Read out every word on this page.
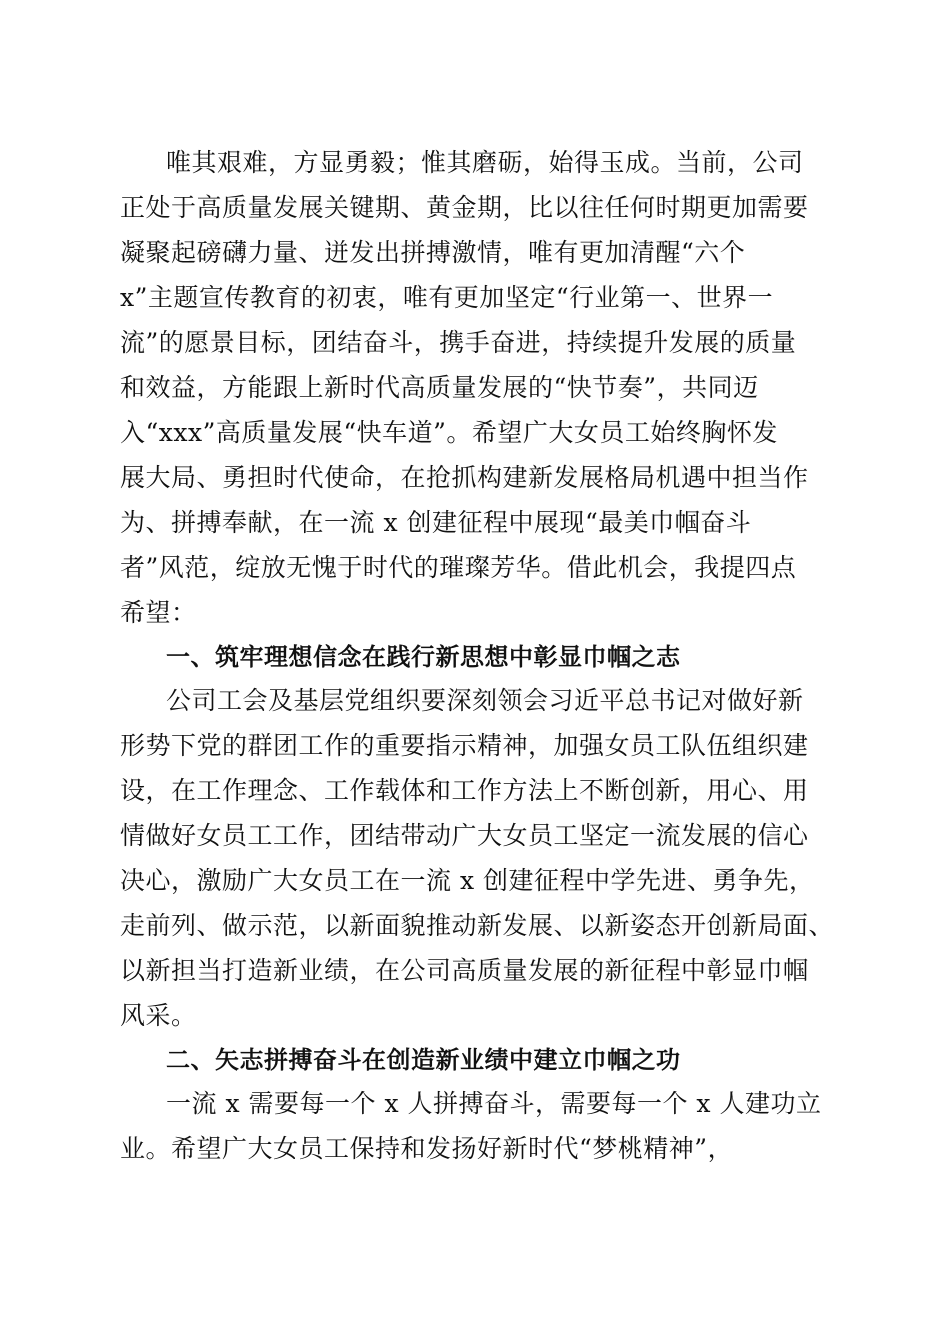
唯其艰难，方显勇毅；惟其磨砺，始得玉成。当前，公司
正处于高质量发展关键期、黄金期，比以往任何时期更加需要
凝聚起磅礴力量、迸发出拼搏激情，唯有更加清醒“六个
x”主题宣传教育的初衷，唯有更加坚定“行业第一、世界一
流”的愿景目标，团结奋斗，携手奋进，持续提升发展的质量
和效益，方能跟上新时代高质量发展的“快节奏”，共同迈
入“xxx”高质量发展“快车道”。希望广大女员工始终胸怀发
展大局、勇担时代使命，在抢抓构建新发展格局机遇中担当作
为、拼搏奉献，在一流 x 创建征程中展现“最美巾帼奋斗
者”风范，绽放无愧于时代的璀璨芳华。借此机会，我提四点
希望：
一、筑牢理想信念在践行新思想中彰显巾帼之志
公司工会及基层党组织要深刻领会习近平总书记对做好新
形势下党的群团工作的重要指示精神，加强女员工队伍组织建
设，在工作理念、工作载体和工作方法上不断创新，用心、用
情做好女员工工作，团结带动广大女员工坚定一流发展的信心
决心，激励广大女员工在一流 x 创建征程中学先进、勇争先，
走前列、做示范，以新面貌推动新发展、以新姿态开创新局面、
以新担当打造新业绩，在公司高质量发展的新征程中彰显巾帼
风采。
二、矢志拼搏奋斗在创造新业绩中建立巾帼之功
一流 x 需要每一个 x 人拼搏奋斗，需要每一个 x 人建功立
业。希望广大女员工保持和发扬好新时代“梦桃精神”，
